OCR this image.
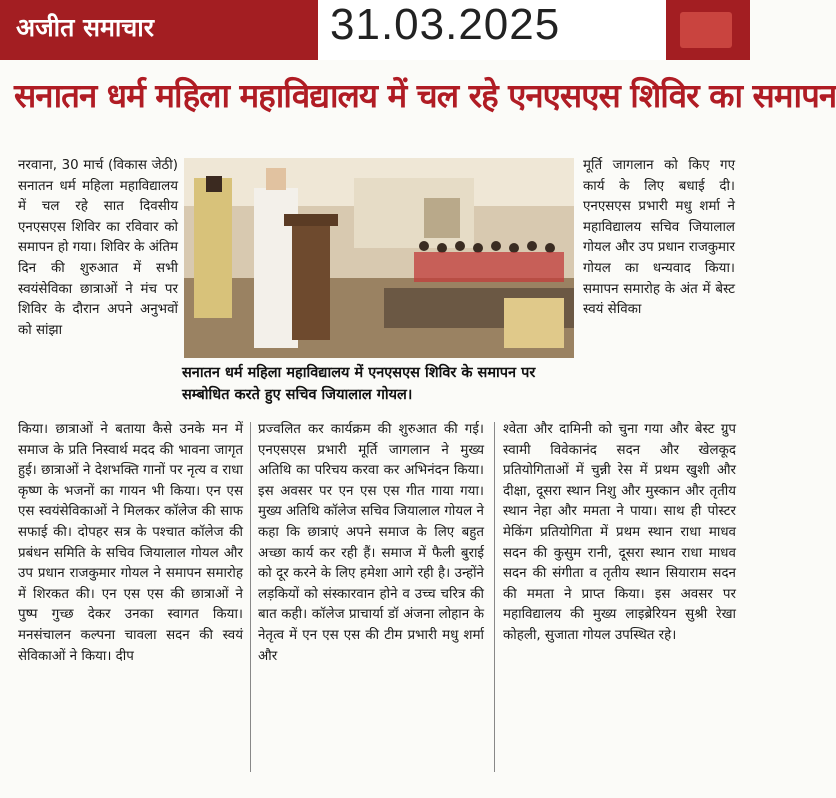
अजीत समाचार	31.03.2025
सनातन धर्म महिला महाविद्यालय में चल रहे एनएसएस शिविर का समापन
नरवाना, 30 मार्च (विकास जेठी) सनातन धर्म महिला महाविद्यालय में चल रहे सात दिवसीय एनएसएस शिविर का रविवार को समापन हो गया। शिविर के अंतिम दिन की शुरुआत में सभी स्वयंसेविका छात्राओं ने मंच पर शिविर के दौरान अपने अनुभवों को सांझा
सनातन धर्म महिला महाविद्यालय में एनएसएस शिविर के समापन पर सम्बोधित करते हुए सचिव जियालाल गोयल।
मूर्ति जागलान को किए गए कार्य के लिए बधाई दी। एनएसएस प्रभारी मधु शर्मा ने महाविद्यालय सचिव जियालाल गोयल और उप प्रधान राजकुमार गोयल का धन्यवाद किया। समापन समारोह के अंत में बेस्ट स्वयं सेविका
किया। छात्राओं ने बताया कैसे उनके मन में समाज के प्रति निस्वार्थ मदद की भावना जागृत हुई। छात्राओं ने देशभक्ति गानों पर नृत्य व राधा कृष्ण के भजनों का गायन भी किया। एन एस एस स्वयंसेविकाओं ने मिलकर कॉलेज की साफ सफाई की। दोपहर सत्र के पश्चात कॉलेज की प्रबंधन समिति के सचिव जियालाल गोयल और उप प्रधान राजकुमार गोयल ने समापन समारोह में शिरकत की। एन एस एस की छात्राओं ने पुष्प गुच्छ देकर उनका स्वागत किया। मनसंचालन कल्पना चावला सदन की स्वयं सेविकाओं ने किया। दीप
प्रज्वलित कर कार्यक्रम की शुरुआत की गई। एनएसएस प्रभारी मूर्ति जागलान ने मुख्य अतिथि का परिचय करवा कर अभिनंदन किया। इस अवसर पर एन एस एस गीत गाया गया। मुख्य अतिथि कॉलेज सचिव जियालाल गोयल ने कहा कि छात्राएं अपने समाज के लिए बहुत अच्छा कार्य कर रही हैं। समाज में फैली बुराई को दूर करने के लिए हमेशा आगे रही है। उन्होंने लड़कियों को संस्कारवान होने व उच्च चरित्र की बात कही। कॉलेज प्राचार्या डॉ अंजना लोहान के नेतृत्व में एन एस एस की टीम प्रभारी मधु शर्मा और
श्वेता और दामिनी को चुना गया और बेस्ट ग्रुप स्वामी विवेकानंद सदन और खेलकूद प्रतियोगिताओं में चुन्नी रेस में प्रथम खुशी और दीक्षा, दूसरा स्थान निशु और मुस्कान और तृतीय स्थान नेहा और ममता ने पाया। साथ ही पोस्टर मेकिंग प्रतियोगिता में प्रथम स्थान राधा माधव सदन की कुसुम रानी, दूसरा स्थान राधा माधव सदन की संगीता व तृतीय स्थान सियाराम सदन की ममता ने प्राप्त किया। इस अवसर पर महाविद्यालय की मुख्य लाइब्रेरियन सुश्री रेखा कोहली, सुजाता गोयल उपस्थित रहे।
